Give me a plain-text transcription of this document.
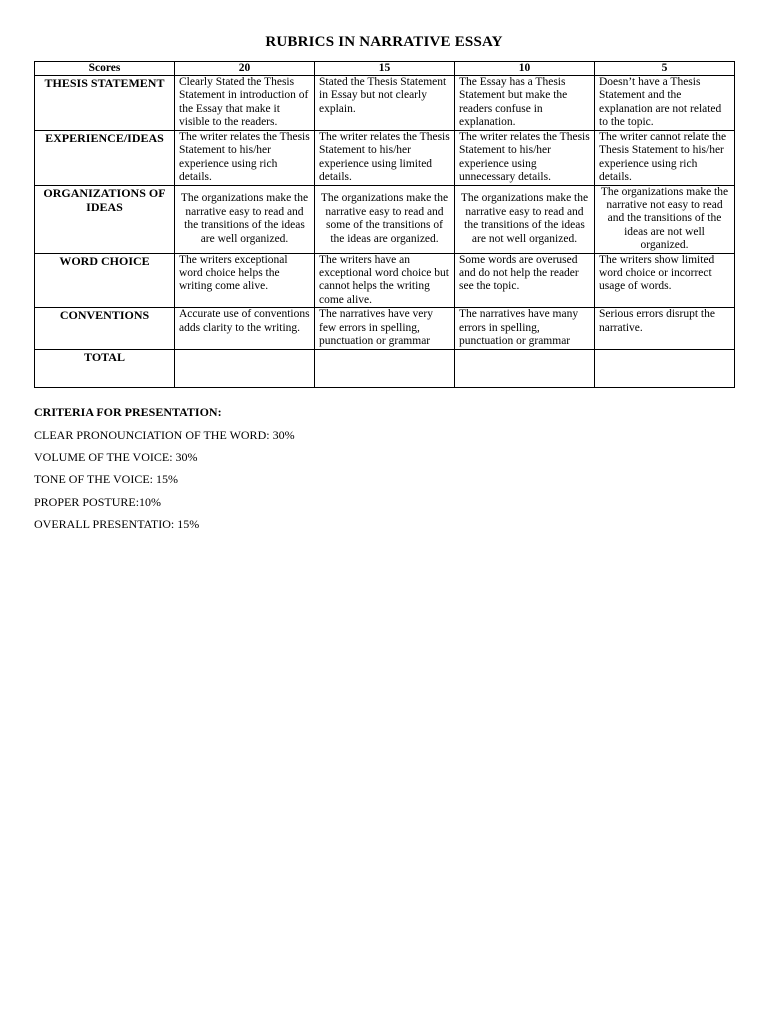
RUBRICS IN NARRATIVE ESSAY
Scores	20	15	10	5
THESIS STATEMENT	Clearly Stated the Thesis Statement in introduction of the Essay that make it visible to the readers.	Stated the Thesis Statement in Essay but not clearly explain.	The Essay has a Thesis Statement but make the readers confuse in explanation.	Doesn’t have a Thesis Statement and the explanation are not related to the topic.
EXPERIENCE/IDEAS	The writer relates the Thesis Statement to his/her experience using rich details.	The writer relates the Thesis Statement to his/her experience using limited details.	The writer relates the Thesis Statement to his/her experience using unnecessary details.	The writer cannot relate the Thesis Statement to his/her experience using rich details.
ORGANIZATIONS OF IDEAS	The organizations make the narrative easy to read and the transitions of the ideas are well organized.	The organizations make the narrative easy to read and some of the transitions of the ideas are organized.	The organizations make the narrative easy to read and the transitions of the ideas are not well organized.	The organizations make the narrative not easy to read and the transitions of the ideas are not well organized.
WORD CHOICE	The writers exceptional word choice helps the writing come alive.	The writers have an exceptional word choice but cannot helps the writing come alive.	Some words are overused and do not help the reader see the topic.	The writers show limited word choice or incorrect usage of words.
CONVENTIONS	Accurate use of conventions adds clarity to the writing.	The narratives have very few errors in spelling, punctuation or grammar	The narratives have many errors in spelling, punctuation or grammar	Serious errors disrupt the narrative.
TOTAL				
CRITERIA FOR PRESENTATION:
CLEAR PRONOUNCIATION OF THE WORD: 30%
VOLUME OF THE VOICE: 30%
TONE OF THE VOICE: 15%
PROPER POSTURE:10%
OVERALL PRESENTATIO: 15%
